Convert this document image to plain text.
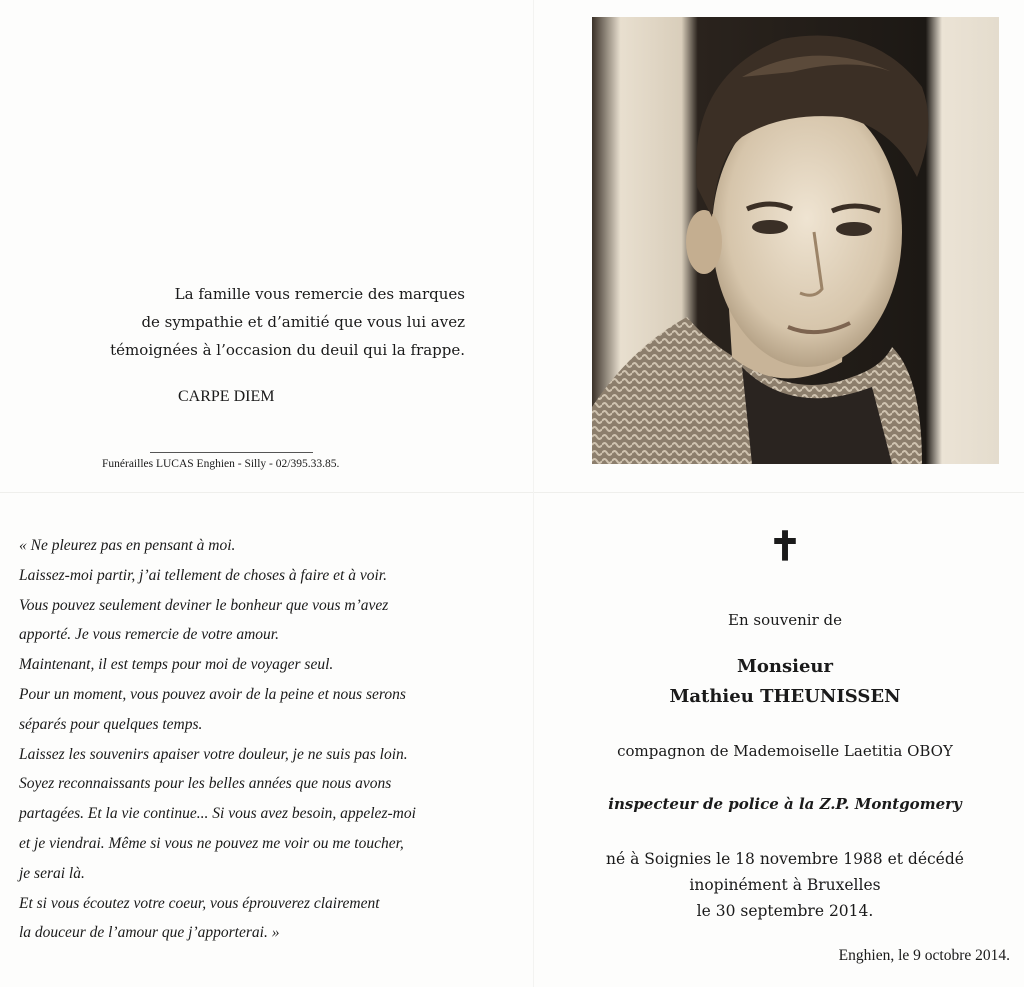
La famille vous remercie des marques
de sympathie et d’amitié que vous lui avez
témoignées à l’occasion du deuil qui la frappe.
CARPE DIEM
Funérailles LUCAS Enghien - Silly - 02/395.33.85.
« Ne pleurez pas en pensant à moi.
Laissez-moi partir, j’ai tellement de choses à faire et à voir.
Vous pouvez seulement deviner le bonheur que vous m’avez
apporté. Je vous remercie de votre amour.
Maintenant, il est temps pour moi de voyager seul.
Pour un moment, vous pouvez avoir de la peine et nous serons
séparés pour quelques temps.
Laissez les souvenirs apaiser votre douleur, je ne suis pas loin.
Soyez reconnaissants pour les belles années que nous avons
partagées. Et la vie continue... Si vous avez besoin, appelez-moi
et je viendrai. Même si vous ne pouvez me voir ou me toucher,
je serai là.
Et si vous écoutez votre coeur, vous éprouverez clairement
la douceur de l’amour que j’apporterai. »
✝
En souvenir de
Monsieur
Mathieu THEUNISSEN
compagnon de Mademoiselle Laetitia OBOY
inspecteur de police à la Z.P. Montgomery
né à Soignies le 18 novembre 1988 et décédé
inopinément à Bruxelles
le 30 septembre 2014.
Enghien, le 9 octobre 2014.
